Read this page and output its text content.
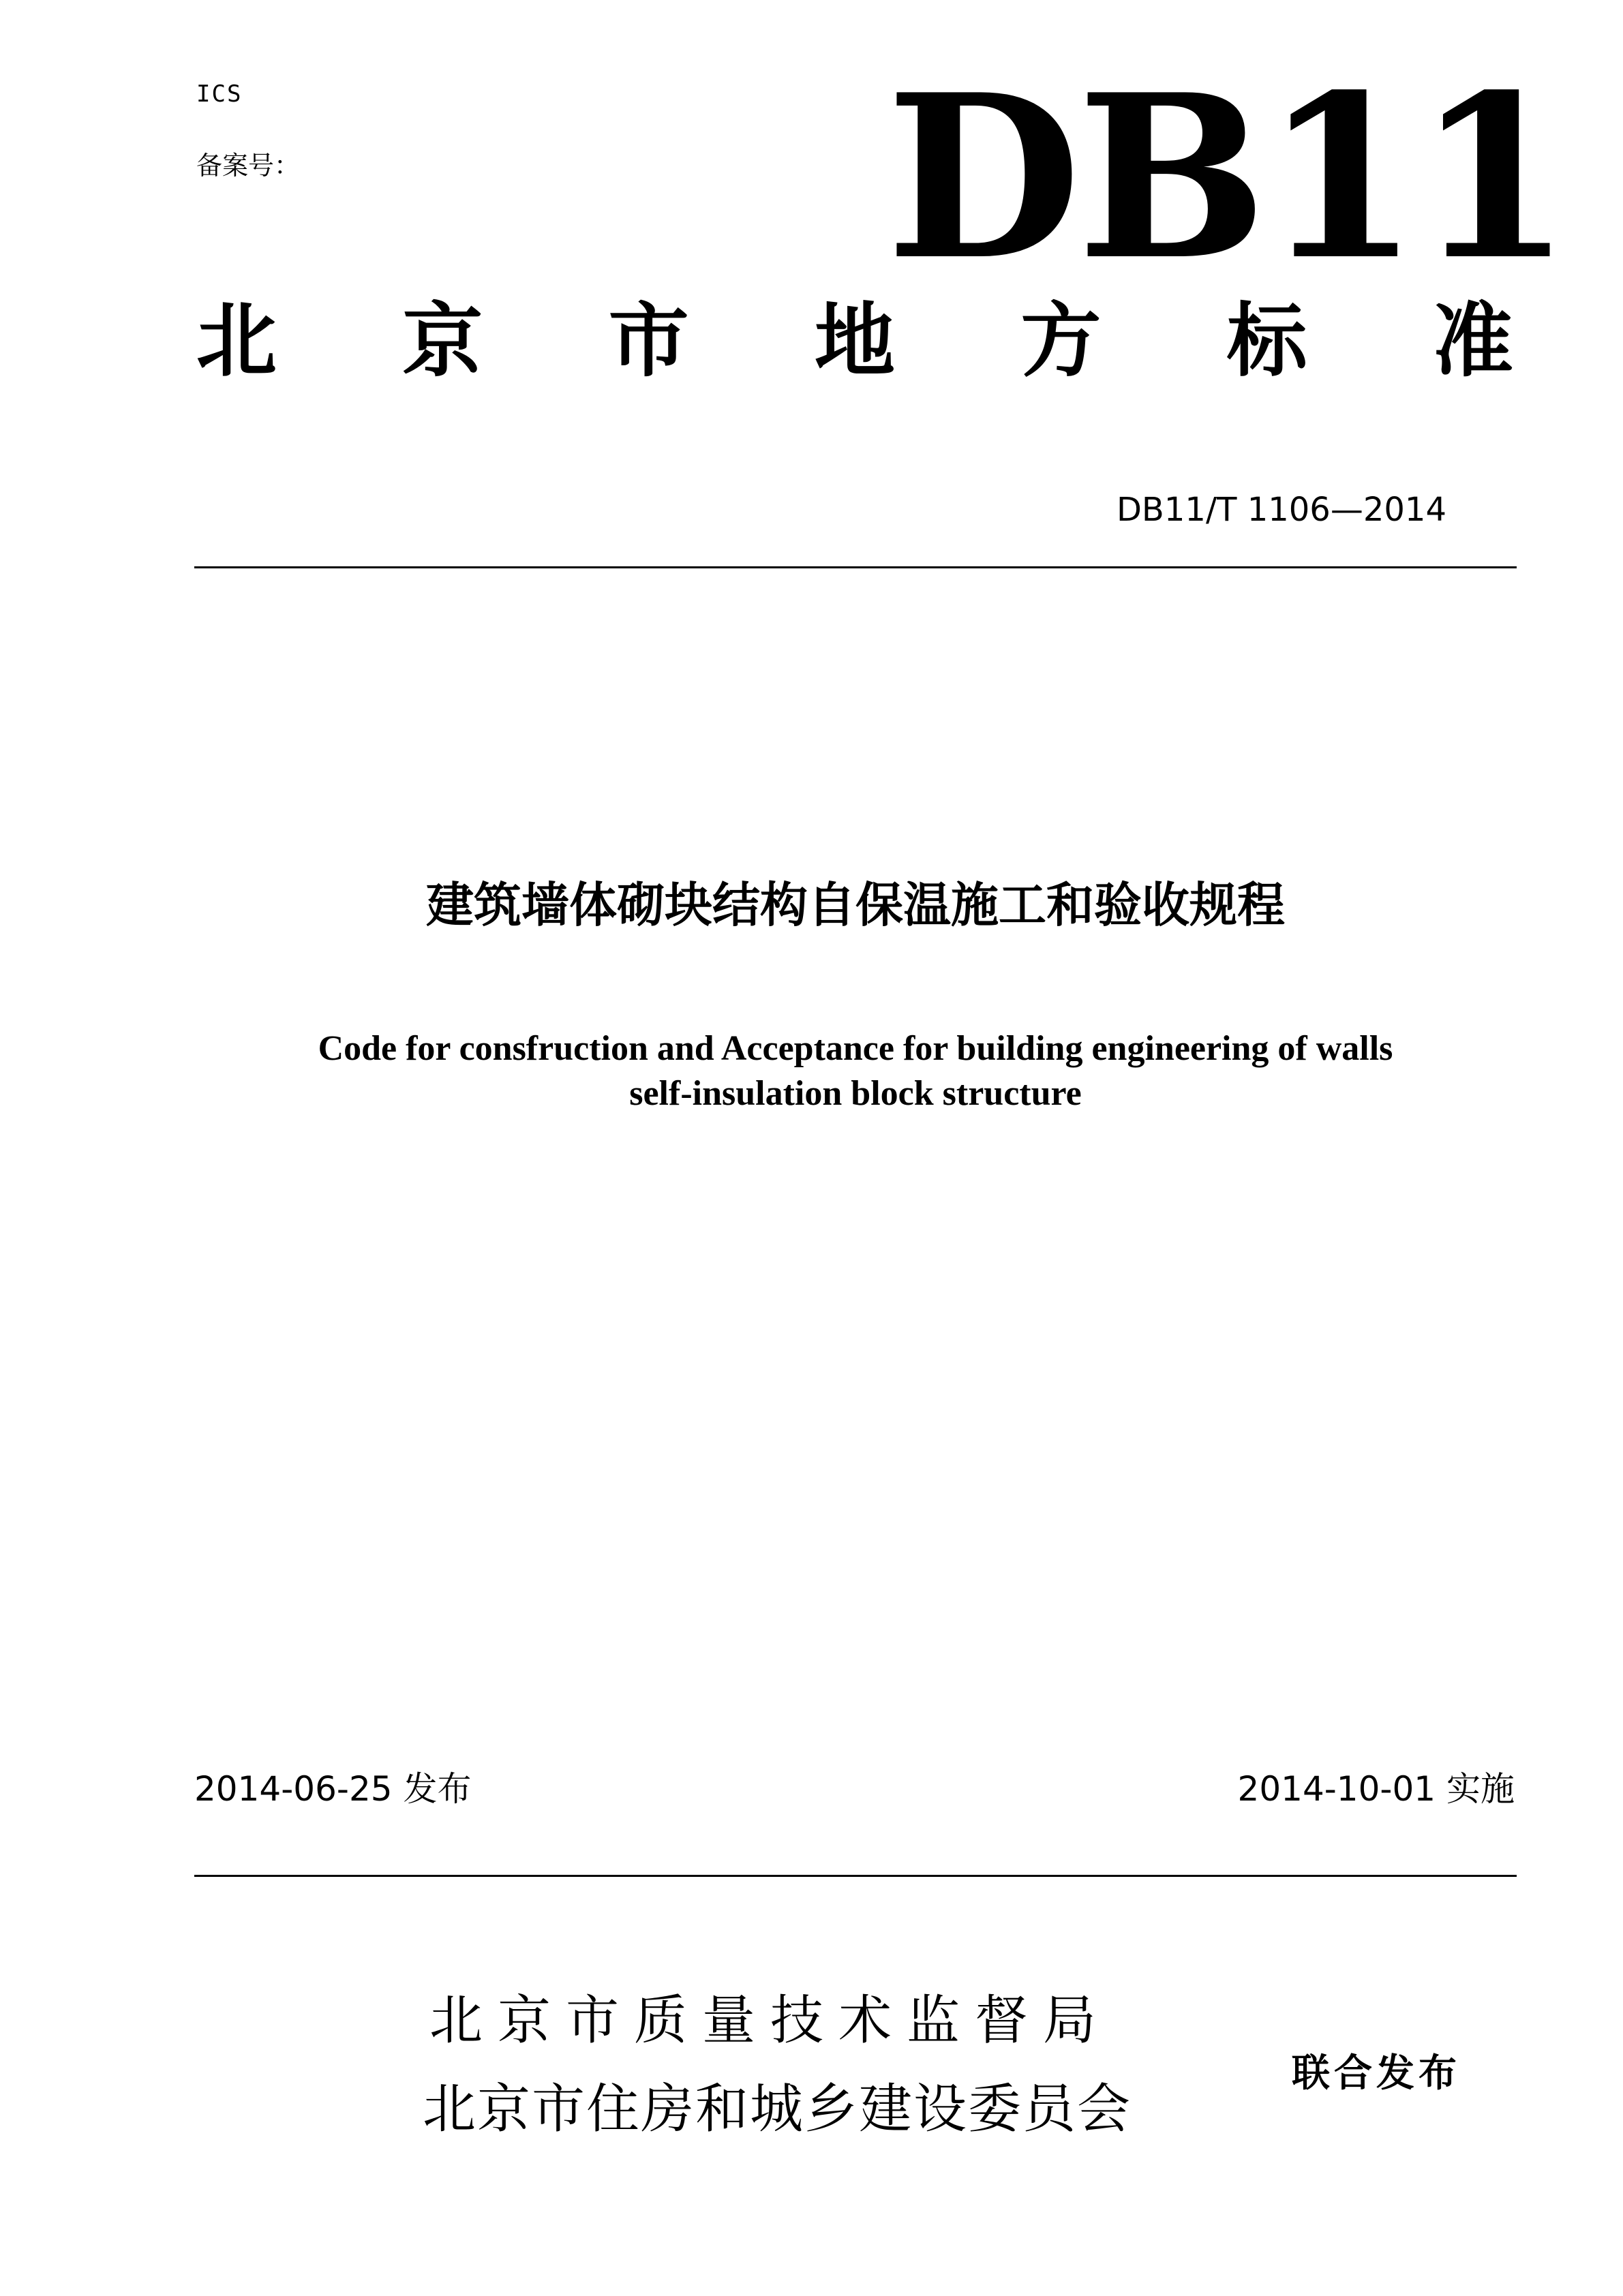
ICS
备案号：	DB11
北 京 市 地 方 标 准
DB11/T 1106—2014
建筑墙体砌块结构自保温施工和验收规程
Code for consfruction and Acceptance for building engineering of walls
self-insulation block structure
2014-06-25 发布	2014-10-01 实施
北京市质量技术监督局
北京市住房和城乡建设委员会
联合发布
